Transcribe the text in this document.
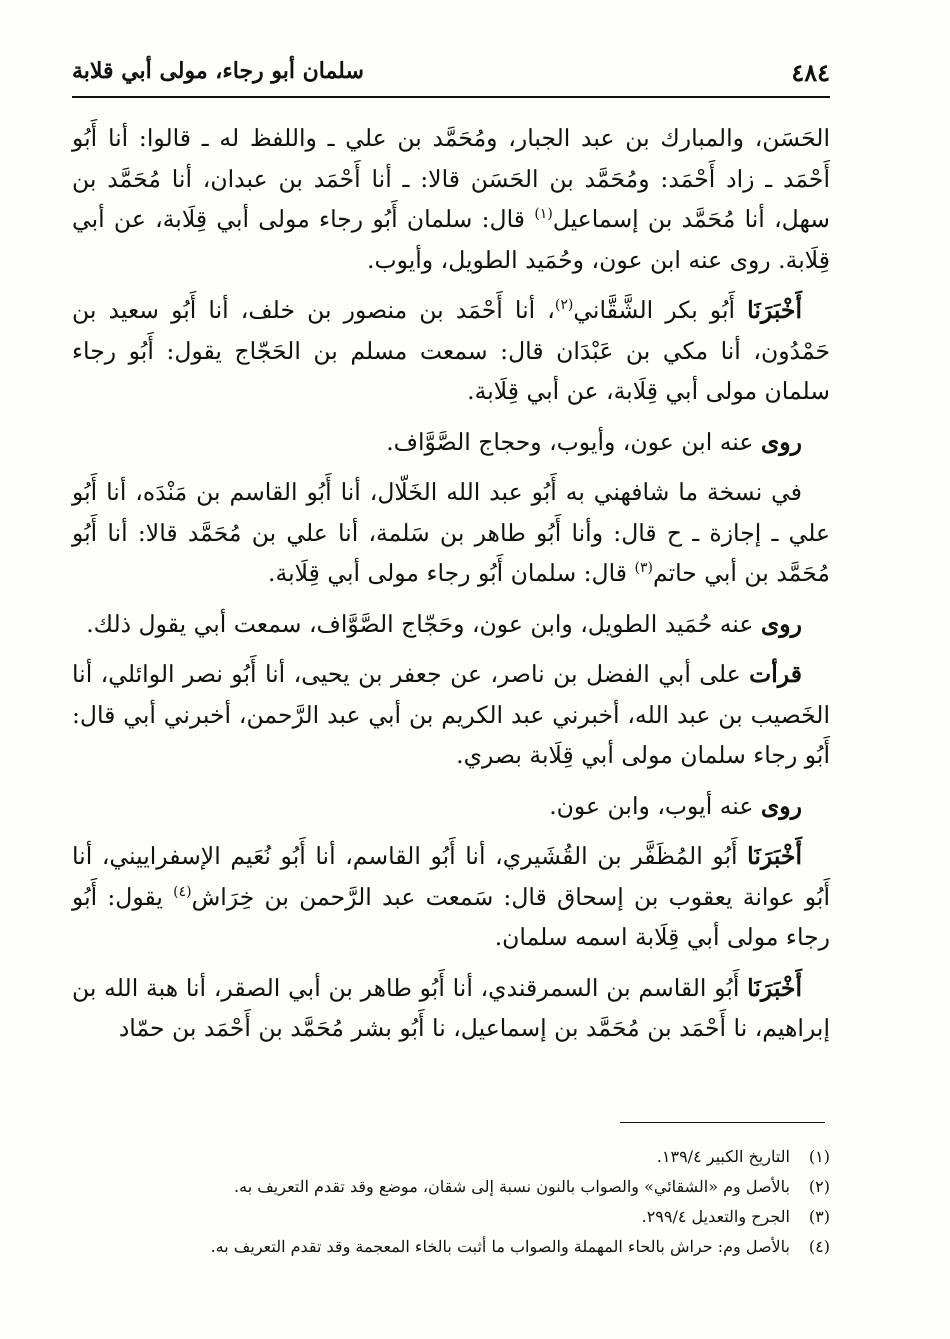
٤٨٤
سلمان أبو رجاء، مولى أبي قلابة

الحَسَن، والمبارك بن عبد الجبار، ومُحَمَّد بن علي ـ واللفظ له ـ قالوا: أنا أَبُو أَحْمَد ـ زاد أَحْمَد: ومُحَمَّد بن الحَسَن قالا: ـ أنا أَحْمَد بن عبدان، أنا مُحَمَّد بن سهل، أنا مُحَمَّد بن إسماعيل$^{(١)}$ قال: سلمان أَبُو رجاء مولى أبي قِلَابة، عن أبي قِلَابة. روى عنه ابن عون، وحُمَيد الطويل، وأيوب.

أَخْبَرَنَا أَبُو بكر الشَّقَّاني$^{(٢)}$، أنا أَحْمَد بن منصور بن خلف، أنا أَبُو سعيد بن حَمْدُون، أنا مكي بن عَبْدَان قال: سمعت مسلم بن الحَجّاج يقول: أَبُو رجاء سلمان مولى أبي قِلَابة، عن أبي قِلَابة.

روى عنه ابن عون، وأيوب، وحجاج الصَّوَّاف.

في نسخة ما شافهني به أَبُو عبد الله الخَلّال، أنا أَبُو القاسم بن مَنْدَه، أنا أَبُو علي ـ إجازة ـ ح قال: وأنا أَبُو طاهر بن سَلمة، أنا علي بن مُحَمَّد قالا: أنا أَبُو مُحَمَّد بن أبي حاتم$^{(٣)}$ قال: سلمان أَبُو رجاء مولى أبي قِلَابة.

روى عنه حُمَيد الطويل، وابن عون، وحَجّاج الصَّوَّاف، سمعت أبي يقول ذلك.

قرأت على أبي الفضل بن ناصر، عن جعفر بن يحيى، أنا أَبُو نصر الوائلي، أنا الخَصيب بن عبد الله، أخبرني عبد الكريم بن أبي عبد الرَّحمن، أخبرني أبي قال: أَبُو رجاء سلمان مولى أبي قِلَابة بصري.

روى عنه أيوب، وابن عون.

أَخْبَرَنَا أَبُو المُظَفَّر بن القُشَيري، أنا أَبُو القاسم، أنا أَبُو نُعَيم الإسفراييني، أنا أَبُو عوانة يعقوب بن إسحاق قال: سَمعت عبد الرَّحمن بن خِرَاش$^{(٤)}$ يقول: أَبُو رجاء مولى أبي قِلَابة اسمه سلمان.

أَخْبَرَنَا أَبُو القاسم بن السمرقندي، أنا أَبُو طاهر بن أبي الصقر، أنا هبة الله بن إبراهيم، نا أَحْمَد بن مُحَمَّد بن إسماعيل، نا أَبُو بشر مُحَمَّد بن أَحْمَد بن حمّاد

(١)التاريخ الكبير ١٣٩/٤.

(٢)بالأصل وم «الشقائي» والصواب بالنون نسبة إلى شقان، موضع وقد تقدم التعريف به.

(٣)الجرح والتعديل ٢٩٩/٤.

(٤)بالأصل وم: حراش بالحاء المهملة والصواب ما أثبت بالخاء المعجمة وقد تقدم التعريف به.
